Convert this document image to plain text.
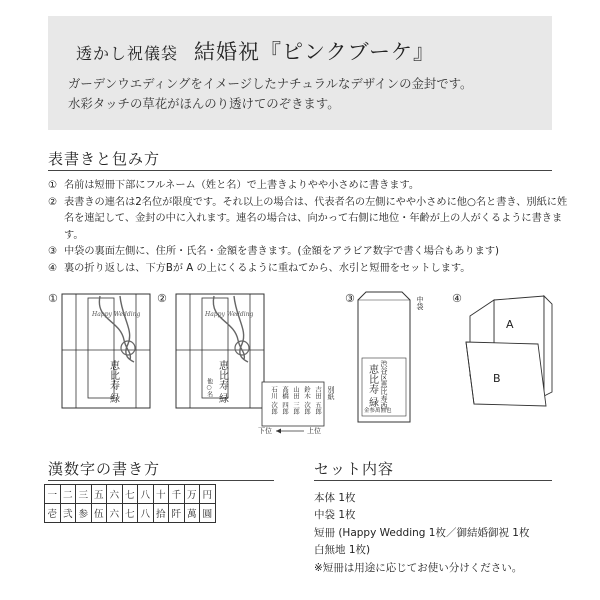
透かし祝儀袋 結婚祝『ピンクブーケ』
ガーデンウエディングをイメージしたナチュラルなデザインの金封です。
水彩タッチの草花がほんのり透けてのぞきます。
表書きと包み方
① 名前は短冊下部にフルネーム（姓と名）で上書きよりやや小さめに書きます。
② 表書きの連名は2名位が限度です。それ以上の場合は、代表者名の左側にやや小さめに他○名と書き、別紙に姓名を連記して、金封の中に入れます。連名の場合は、向かって右側に地位・年齢が上の人がくるように書きます。
③ 中袋の裏面左側に、住所・氏名・金額を書きます。(金額をアラビア数字で書く場合もあります)
④ 裏の折り返しは、下方Bが A の上にくるように重ねてから、水引と短冊をセットします。
①	②	③	④
Happy Wedding
恵比寿 緑
Happy Wedding
恵比寿 緑
他○名	吉田 五郎
鈴木 次郎
山田 三郎
高橋 四郎
石川 次郎	別紙
下位	上位
渋谷区恵比寿西
恵比寿 緑
金参萬圓也
中袋
A
B
漢数字の書き方
一	二	三	五	六	七	八	十	千	万	円
壱	弐	参	伍	六	七	八	拾	阡	萬	圓
セット内容
本体 1枚
中袋 1枚
短冊 (Happy Wedding 1枚／御結婚御祝 1枚
白無地 1枚)
※短冊は用途に応じてお使い分けください。
